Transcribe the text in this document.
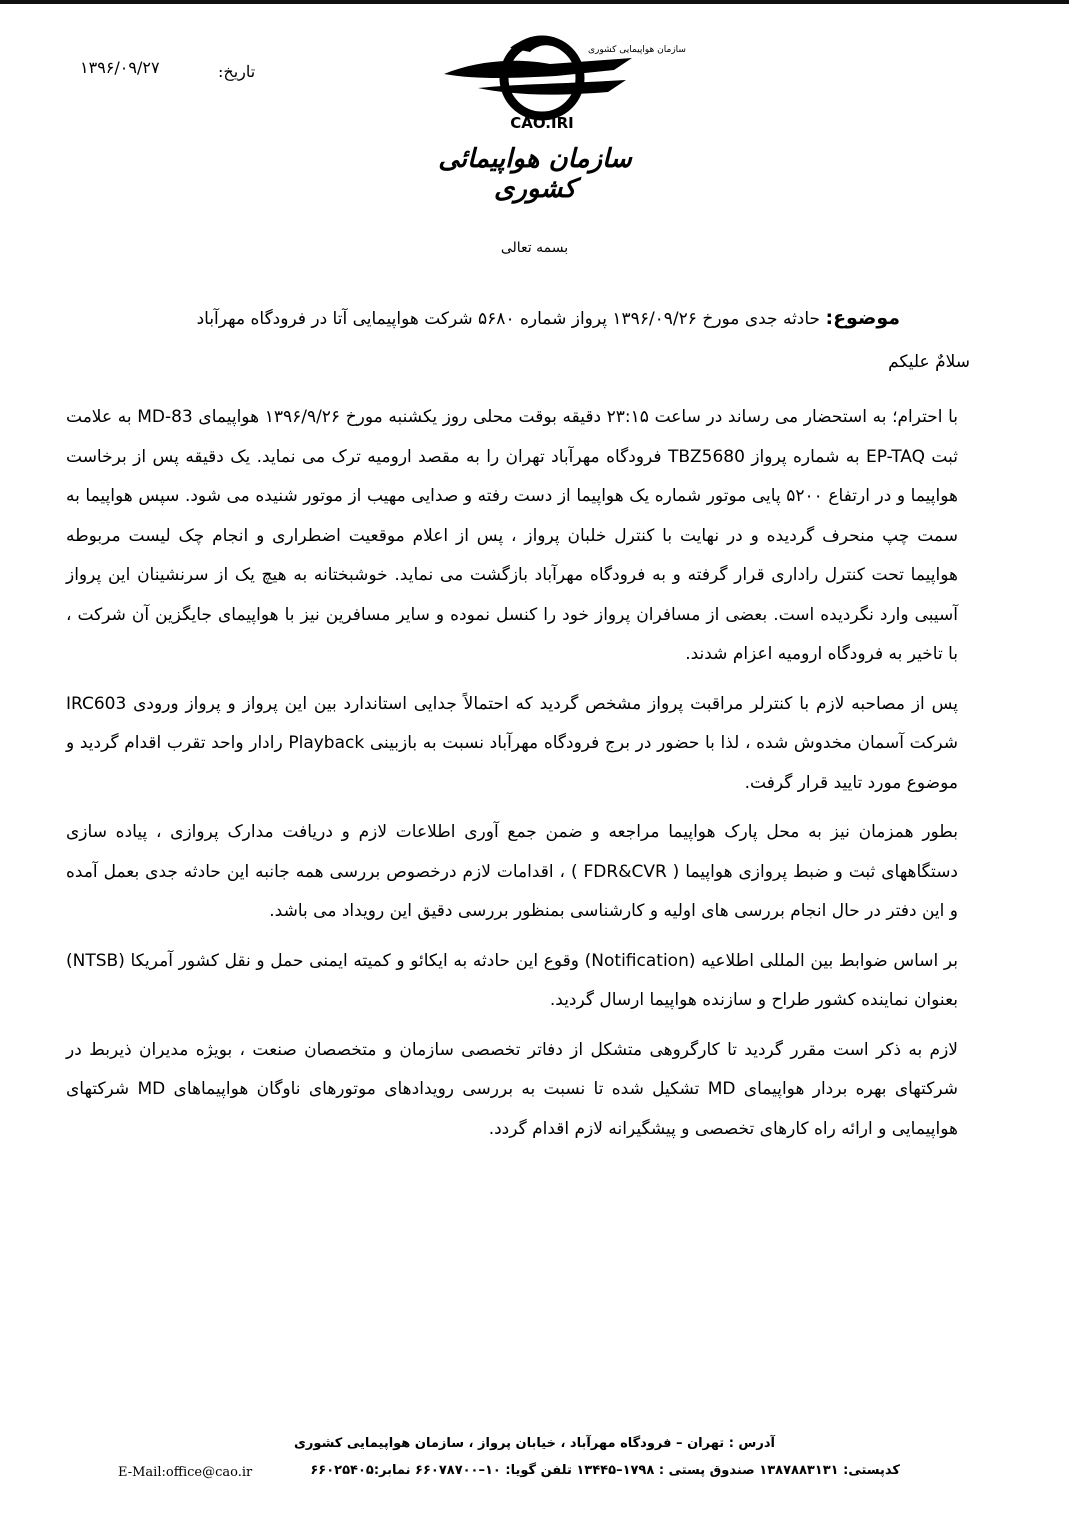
۱۳۹۶/۰۹/۲۷	تاریخ:
سازمان هواپیمایی کشوری
CAO.IRI
سازمان هواپیمائی کشوری
بسمه تعالی
موضوع: حادثه جدی مورخ ۱۳۹۶/۰۹/۲۶ پرواز شماره ۵۶۸۰ شرکت هواپیمایی آتا در فرودگاه مهرآباد
سلامٌ علیکم

با احترام؛ به استحضار می رساند در ساعت ۲۳:۱۵ دقیقه بوقت محلی روز یکشنبه مورخ ۱۳۹۶/۹/۲۶ هواپیمای MD-83 به علامت ثبت EP-TAQ به شماره پرواز TBZ5680 فرودگاه مهرآباد تهران را به مقصد ارومیه ترک می نماید. یک دقیقه پس از برخاست هواپیما و در ارتفاع ۵۲۰۰ پایی موتور شماره یک هواپیما از دست رفته و صدایی مهیب از موتور شنیده می شود. سپس هواپیما به سمت چپ منحرف گردیده و در نهایت با کنترل خلبان پرواز ، پس از اعلام موقعیت اضطراری و انجام چک لیست مربوطه هواپیما تحت کنترل راداری قرار گرفته و به فرودگاه مهرآباد بازگشت می نماید. خوشبختانه به هیچ یک از سرنشینان این پرواز آسیبی وارد نگردیده است. بعضی از مسافران پرواز خود را کنسل نموده و سایر مسافرین نیز با هواپیمای جایگزین آن شرکت ، با تاخیر به فرودگاه ارومیه اعزام شدند.

پس از مصاحبه لازم با کنترلر مراقبت پرواز مشخص گردید که احتمالاً جدایی استاندارد بین این پرواز و پرواز ورودی IRC603 شرکت آسمان مخدوش شده ، لذا با حضور در برج فرودگاه مهرآباد نسبت به بازبینی Playback رادار واحد تقرب اقدام گردید و موضوع مورد تایید قرار گرفت.

بطور همزمان نیز به محل پارک هواپیما مراجعه و ضمن جمع آوری اطلاعات لازم و دریافت مدارک پروازی ، پیاده سازی دستگاههای ثبت و ضبط پروازی هواپیما ( FDR&CVR ) ، اقدامات لازم درخصوص بررسی همه جانبه این حادثه جدی بعمل آمده و این دفتر در حال انجام بررسی های اولیه و کارشناسی بمنظور بررسی دقیق این رویداد می باشد.

بر اساس ضوابط بین المللی اطلاعیه (Notification) وقوع این حادثه به ایکائو و کمیته ایمنی حمل و نقل کشور آمریکا (NTSB) بعنوان نماینده کشور طراح و سازنده هواپیما ارسال گردید.

لازم به ذکر است مقرر گردید تا کارگروهی متشکل از دفاتر تخصصی سازمان و متخصصان صنعت ، بویژه مدیران ذیربط در شرکتهای بهره بردار هواپیمای MD تشکیل شده تا نسبت به بررسی رویدادهای موتورهای ناوگان هواپیماهای MD شرکتهای هواپیمایی و ارائه راه کارهای تخصصی و پیشگیرانه لازم اقدام گردد.

آدرس : تهران – فرودگاه مهرآباد ، خیابان پرواز ، سازمان هواپیمایی کشوری
E-Mail:office@cao.ir	کدپستی: ۱۳۸۷۸۸۳۱۳۱ صندوق پستی : ۱۷۹۸–۱۳۴۴۵ تلفن گویا: ۱۰–۶۶۰۷۸۷۰۰ نمابر:۶۶۰۲۵۴۰۵
